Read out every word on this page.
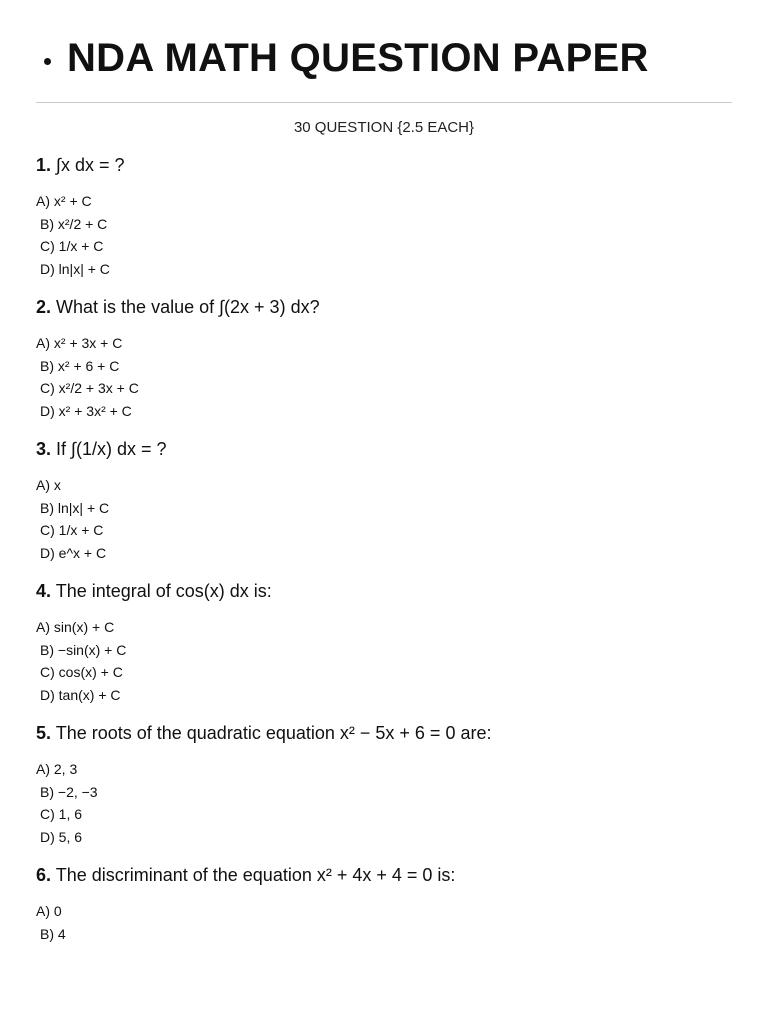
NDA MATH QUESTION PAPER
30 QUESTION {2.5 EACH}
1. ∫x dx = ?
A) x² + C
B) x²/2 + C
C) 1/x + C
D) ln|x| + C
2. What is the value of ∫(2x + 3) dx?
A) x² + 3x + C
B) x² + 6 + C
C) x²/2 + 3x + C
D) x² + 3x² + C
3. If ∫(1/x) dx = ?
A) x
B) ln|x| + C
C) 1/x + C
D) e^x + C
4. The integral of cos(x) dx is:
A) sin(x) + C
B) −sin(x) + C
C) cos(x) + C
D) tan(x) + C
5. The roots of the quadratic equation x² − 5x + 6 = 0 are:
A) 2, 3
B) −2, −3
C) 1, 6
D) 5, 6
6. The discriminant of the equation x² + 4x + 4 = 0 is:
A) 0
B) 4
